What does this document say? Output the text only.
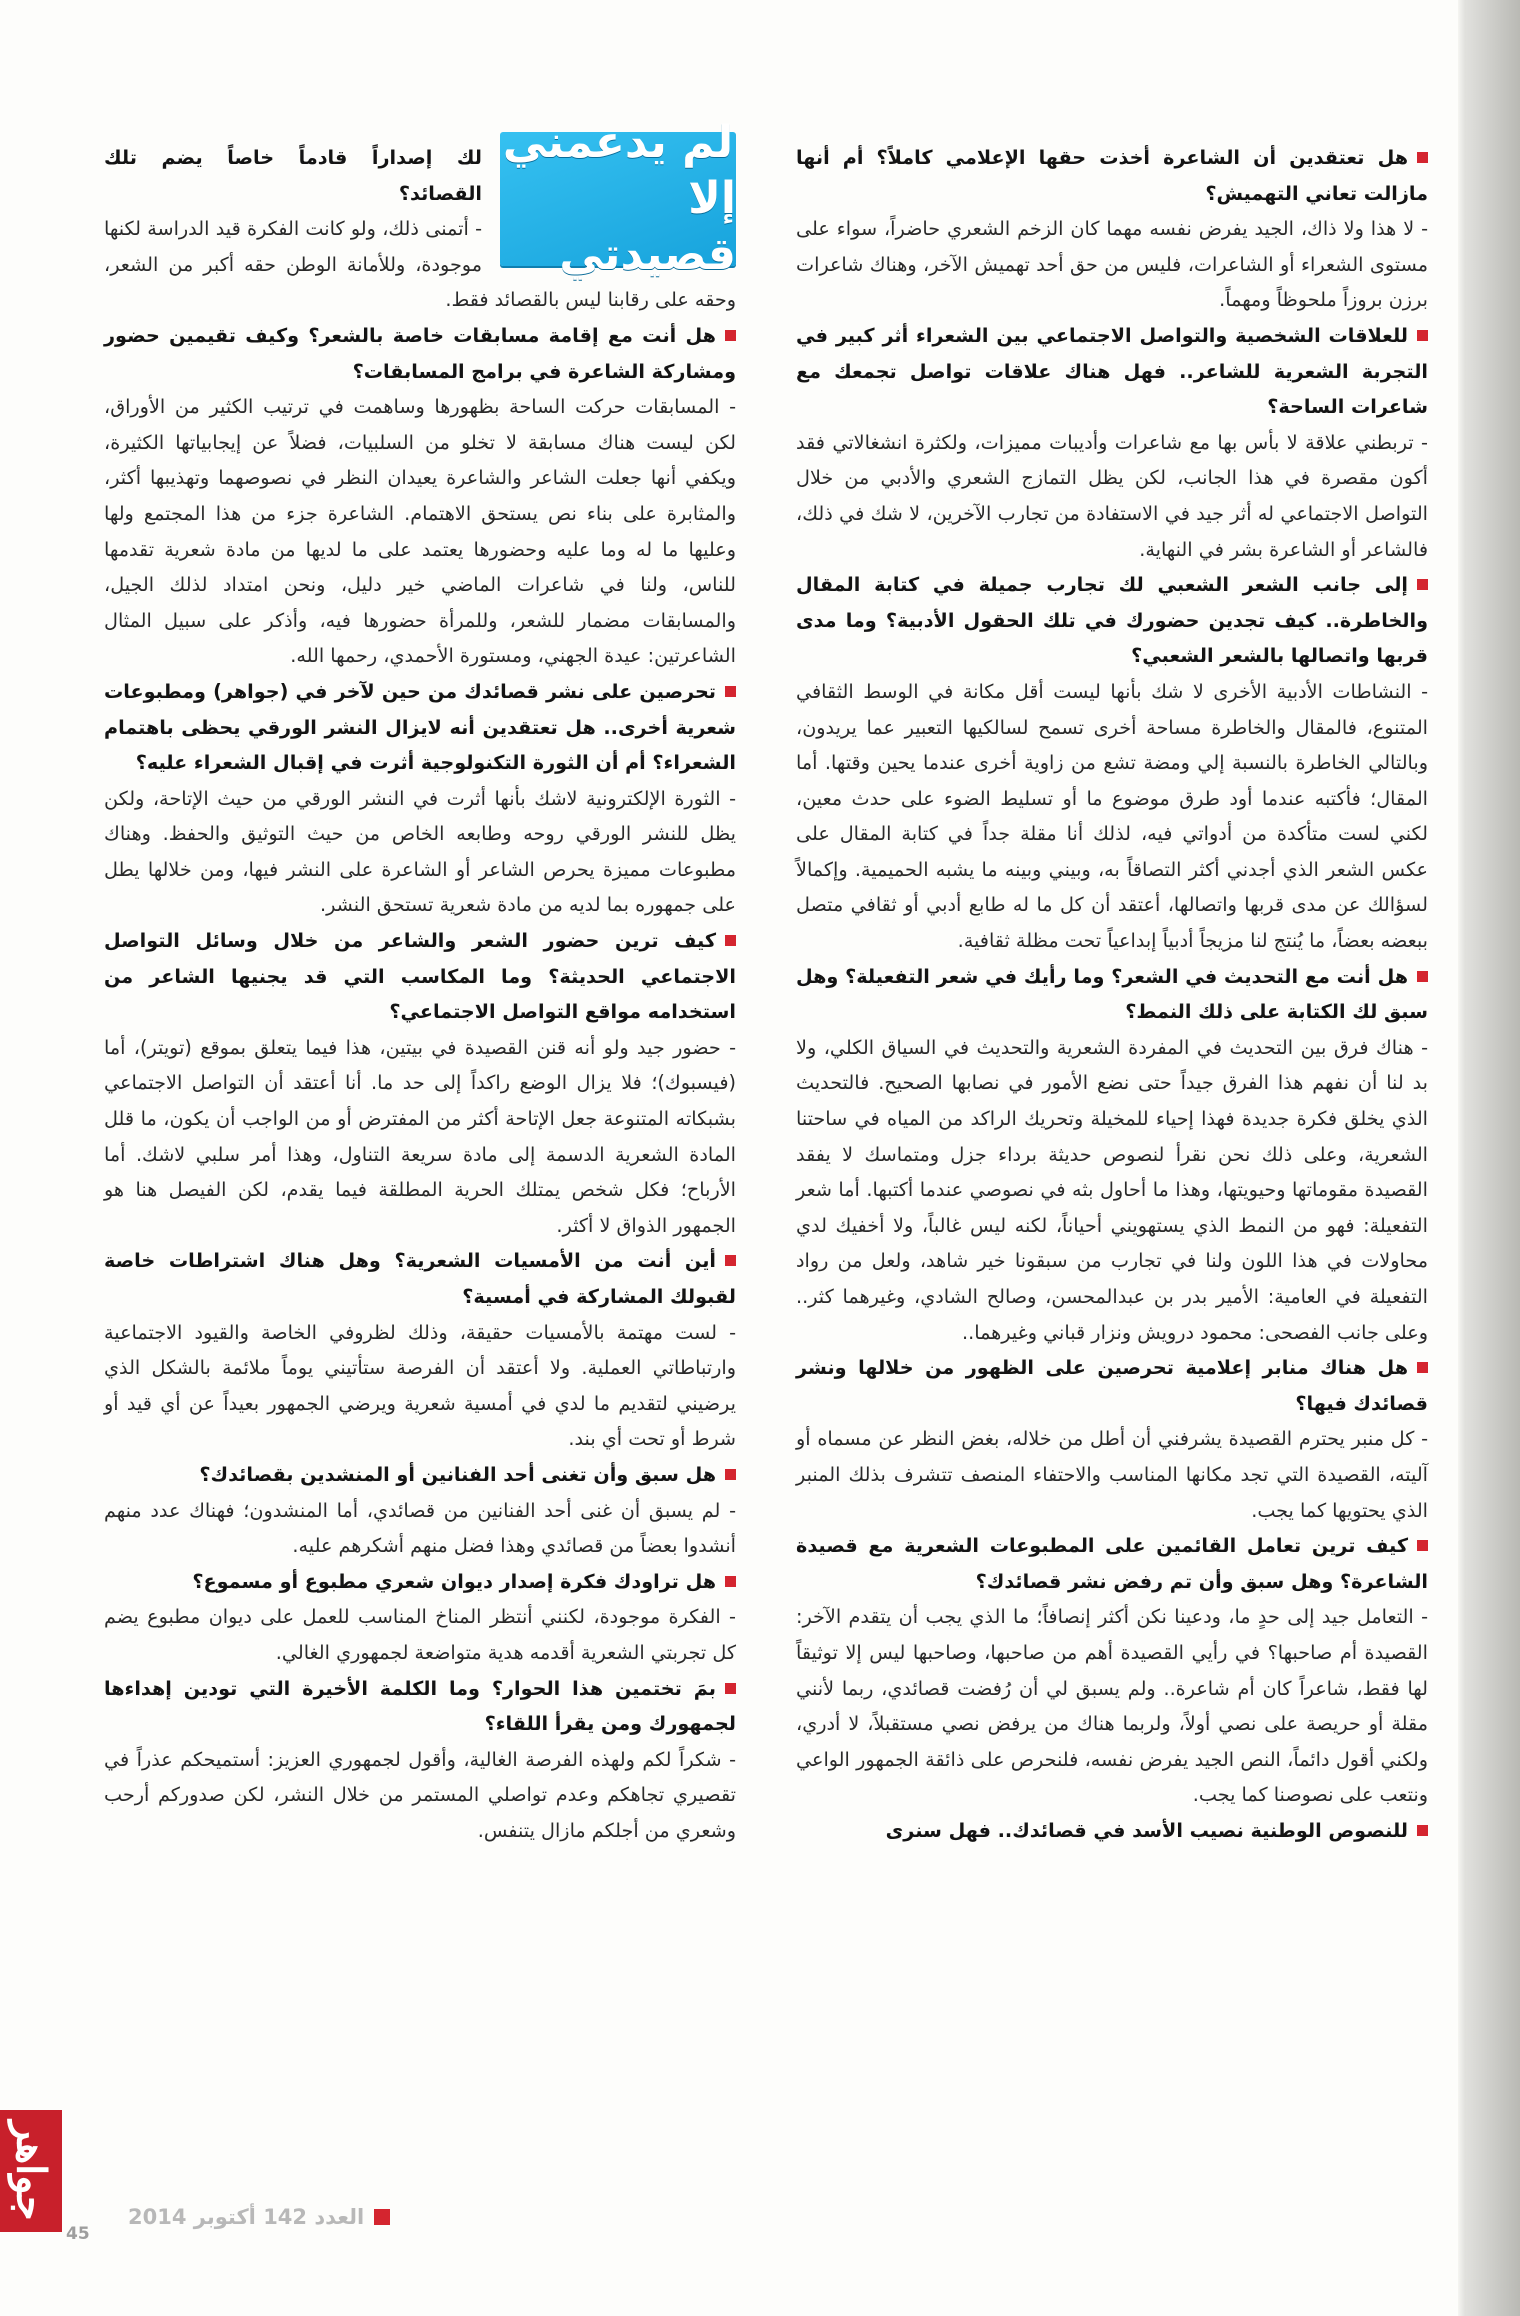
هل تعتقدين أن الشاعرة أخذت حقها الإعلامي كاملاً؟ أم أنها مازالت تعاني التهميش؟

- لا هذا ولا ذاك، الجيد يفرض نفسه مهما كان الزخم الشعري حاضراً، سواء على مستوى الشعراء أو الشاعرات، فليس من حق أحد تهميش الآخر، وهناك شاعرات برزن بروزاً ملحوظاً ومهماً.

للعلاقات الشخصية والتواصل الاجتماعي بين الشعراء أثر كبير في التجربة الشعرية للشاعر.. فهل هناك علاقات تواصل تجمعك مع شاعرات الساحة؟

- تربطني علاقة لا بأس بها مع شاعرات وأديبات مميزات، ولكثرة انشغالاتي فقد أكون مقصرة في هذا الجانب، لكن يظل التمازج الشعري والأدبي من خلال التواصل الاجتماعي له أثر جيد في الاستفادة من تجارب الآخرين، لا شك في ذلك، فالشاعر أو الشاعرة بشر في النهاية.

إلى جانب الشعر الشعبي لك تجارب جميلة في كتابة المقال والخاطرة.. كيف تجدين حضورك في تلك الحقول الأدبية؟ وما مدى قربها واتصالها بالشعر الشعبي؟

- النشاطات الأدبية الأخرى لا شك بأنها ليست أقل مكانة في الوسط الثقافي المتنوع، فالمقال والخاطرة مساحة أخرى تسمح لسالكيها التعبير عما يريدون، وبالتالي الخاطرة بالنسبة إلي ومضة تشع من زاوية أخرى عندما يحين وقتها. أما المقال؛ فأكتبه عندما أود طرق موضوع ما أو تسليط الضوء على حدث معين، لكني لست متأكدة من أدواتي فيه، لذلك أنا مقلة جداً في كتابة المقال على عكس الشعر الذي أجدني أكثر التصاقاً به، وبيني وبينه ما يشبه الحميمية. وإكمالاً لسؤالك عن مدى قربها واتصالها، أعتقد أن كل ما له طابع أدبي أو ثقافي متصل ببعضه بعضاً، ما يُنتج لنا مزيجاً أدبياً إبداعياً تحت مظلة ثقافية.

هل أنت مع التحديث في الشعر؟ وما رأيك في شعر التفعيلة؟ وهل سبق لك الكتابة على ذلك النمط؟

- هناك فرق بين التحديث في المفردة الشعرية والتحديث في السياق الكلي، ولا بد لنا أن نفهم هذا الفرق جيداً حتى نضع الأمور في نصابها الصحيح. فالتحديث الذي يخلق فكرة جديدة فهذا إحياء للمخيلة وتحريك الراكد من المياه في ساحتنا الشعرية، وعلى ذلك نحن نقرأ لنصوص حديثة برداء جزل ومتماسك لا يفقد القصيدة مقوماتها وحيويتها، وهذا ما أحاول بثه في نصوصي عندما أكتبها. أما شعر التفعيلة: فهو من النمط الذي يستهويني أحياناً، لكنه ليس غالباً، ولا أخفيك لدي محاولات في هذا اللون ولنا في تجارب من سبقونا خير شاهد، ولعل من رواد التفعيلة في العامية: الأمير بدر بن عبدالمحسن، وصالح الشادي، وغيرهما كثر.. وعلى جانب الفصحى: محمود درويش ونزار قباني وغيرهما..

هل هناك منابر إعلامية تحرصين على الظهور من خلالها ونشر قصائدك فيها؟

- كل منبر يحترم القصيدة يشرفني أن أطل من خلاله، بغض النظر عن مسماه أو آليته، القصيدة التي تجد مكانها المناسب والاحتفاء المنصف تتشرف بذلك المنبر الذي يحتويها كما يجب.

كيف ترين تعامل القائمين على المطبوعات الشعرية مع قصيدة الشاعرة؟ وهل سبق وأن تم رفض نشر قصائدك؟

- التعامل جيد إلى حدٍ ما، ودعينا نكن أكثر إنصافاً؛ ما الذي يجب أن يتقدم الآخر: القصيدة أم صاحبها؟ في رأيي القصيدة أهم من صاحبها، وصاحبها ليس إلا توثيقاً لها فقط، شاعراً كان أم شاعرة.. ولم يسبق لي أن رُفضت قصائدي، ربما لأنني مقلة أو حريصة على نصي أولاً، ولربما هناك من يرفض نصي مستقبلاً، لا أدري، ولكني أقول دائماً، النص الجيد يفرض نفسه، فلنحرص على ذائقة الجمهور الواعي ونتعب على نصوصنا كما يجب.

للنصوص الوطنية نصيب الأسد في قصائدك.. فهل سنرى

لم يدعمني
إلا قصيدتي

لك إصداراً قادماً خاصاً يضم تلك القصائد؟

- أتمنى ذلك، ولو كانت الفكرة قيد الدراسة لكنها موجودة، وللأمانة الوطن حقه أكبر من الشعر، وحقه على رقابنا ليس بالقصائد فقط.

هل أنت مع إقامة مسابقات خاصة بالشعر؟ وكيف تقيمين حضور ومشاركة الشاعرة في برامج المسابقات؟

- المسابقات حركت الساحة بظهورها وساهمت في ترتيب الكثير من الأوراق، لكن ليست هناك مسابقة لا تخلو من السلبيات، فضلاً عن إيجابياتها الكثيرة، ويكفي أنها جعلت الشاعر والشاعرة يعيدان النظر في نصوصهما وتهذيبها أكثر، والمثابرة على بناء نص يستحق الاهتمام. الشاعرة جزء من هذا المجتمع ولها وعليها ما له وما عليه وحضورها يعتمد على ما لديها من مادة شعرية تقدمها للناس، ولنا في شاعرات الماضي خير دليل، ونحن امتداد لذلك الجيل، والمسابقات مضمار للشعر، وللمرأة حضورها فيه، وأذكر على سبيل المثال الشاعرتين: عيدة الجهني، ومستورة الأحمدي، رحمها الله.

تحرصين على نشر قصائدك من حين لآخر في (جواهر) ومطبوعات شعرية أخرى.. هل تعتقدين أنه لايزال النشر الورقي يحظى باهتمام الشعراء؟ أم أن الثورة التكنولوجية أثرت في إقبال الشعراء عليه؟

- الثورة الإلكترونية لاشك بأنها أثرت في النشر الورقي من حيث الإتاحة، ولكن يظل للنشر الورقي روحه وطابعه الخاص من حيث التوثيق والحفظ. وهناك مطبوعات مميزة يحرص الشاعر أو الشاعرة على النشر فيها، ومن خلالها يطل على جمهوره بما لديه من مادة شعرية تستحق النشر.

كيف ترين حضور الشعر والشاعر من خلال وسائل التواصل الاجتماعي الحديثة؟ وما المكاسب التي قد يجنيها الشاعر من استخدامه مواقع التواصل الاجتماعي؟

- حضور جيد ولو أنه قنن القصيدة في بيتين، هذا فيما يتعلق بموقع (تويتر)، أما (فيسبوك)؛ فلا يزال الوضع راكداً إلى حد ما. أنا أعتقد أن التواصل الاجتماعي بشبكاته المتنوعة جعل الإتاحة أكثر من المفترض أو من الواجب أن يكون، ما قلل المادة الشعرية الدسمة إلى مادة سريعة التناول، وهذا أمر سلبي لاشك. أما الأرباح؛ فكل شخص يمتلك الحرية المطلقة فيما يقدم، لكن الفيصل هنا هو الجمهور الذواق لا أكثر.

أين أنت من الأمسيات الشعرية؟ وهل هناك اشتراطات خاصة لقبولك المشاركة في أمسية؟

- لست مهتمة بالأمسيات حقيقة، وذلك لظروفي الخاصة والقيود الاجتماعية وارتباطاتي العملية. ولا أعتقد أن الفرصة ستأتيني يوماً ملائمة بالشكل الذي يرضيني لتقديم ما لدي في أمسية شعرية ويرضي الجمهور بعيداً عن أي قيد أو شرط أو تحت أي بند.

هل سبق وأن تغنى أحد الفنانين أو المنشدين بقصائدك؟

- لم يسبق أن غنى أحد الفنانين من قصائدي، أما المنشدون؛ فهناك عدد منهم أنشدوا بعضاً من قصائدي وهذا فضل منهم أشكرهم عليه.

هل تراودك فكرة إصدار ديوان شعري مطبوع أو مسموع؟

- الفكرة موجودة، لكنني أنتظر المناخ المناسب للعمل على ديوان مطبوع يضم كل تجربتي الشعرية أقدمه هدية متواضعة لجمهوري الغالي.

بمَ تختمين هذا الحوار؟ وما الكلمة الأخيرة التي تودين إهداءها لجمهورك ومن يقرأ اللقاء؟

- شكراً لكم ولهذه الفرصة الغالية، وأقول لجمهوري العزيز: أستميحكم عذراً في تقصيري تجاهكم وعدم تواصلي المستمر من خلال النشر، لكن صدوركم أرحب وشعري من أجلكم مازال يتنفس.

جواهر
45
العدد 142 أكتوبر 2014
